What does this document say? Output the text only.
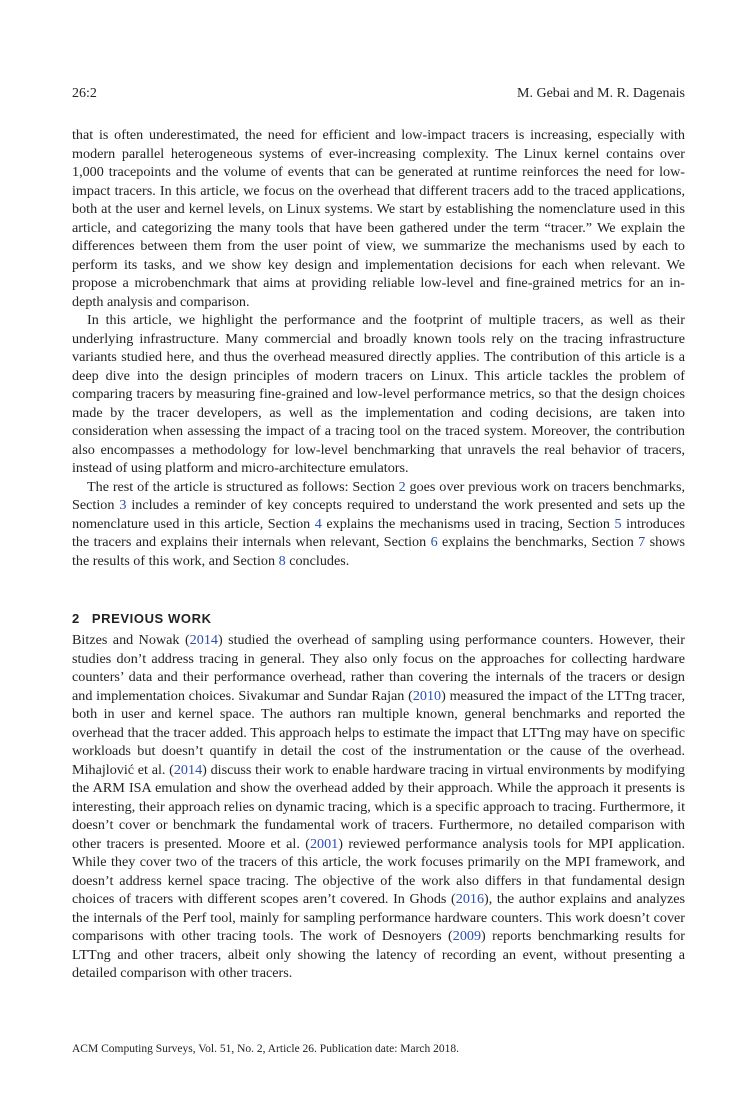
26:2	M. Gebai and M. R. Dagenais

that is often underestimated, the need for efficient and low-impact tracers is increasing, especially with modern parallel heterogeneous systems of ever-increasing complexity. The Linux kernel contains over 1,000 tracepoints and the volume of events that can be generated at runtime reinforces the need for low-impact tracers. In this article, we focus on the overhead that different tracers add to the traced applications, both at the user and kernel levels, on Linux systems. We start by establishing the nomenclature used in this article, and categorizing the many tools that have been gathered under the term “tracer.” We explain the differences between them from the user point of view, we summarize the mechanisms used by each to perform its tasks, and we show key design and implementation decisions for each when relevant. We propose a microbenchmark that aims at providing reliable low-level and fine-grained metrics for an in-depth analysis and comparison.

In this article, we highlight the performance and the footprint of multiple tracers, as well as their underlying infrastructure. Many commercial and broadly known tools rely on the tracing infrastructure variants studied here, and thus the overhead measured directly applies. The contribution of this article is a deep dive into the design principles of modern tracers on Linux. This article tackles the problem of comparing tracers by measuring fine-grained and low-level performance metrics, so that the design choices made by the tracer developers, as well as the implementation and coding decisions, are taken into consideration when assessing the impact of a tracing tool on the traced system. Moreover, the contribution also encompasses a methodology for low-level benchmarking that unravels the real behavior of tracers, instead of using platform and micro-architecture emulators.

The rest of the article is structured as follows: Section 2 goes over previous work on tracers benchmarks, Section 3 includes a reminder of key concepts required to understand the work presented and sets up the nomenclature used in this article, Section 4 explains the mechanisms used in tracing, Section 5 introduces the tracers and explains their internals when relevant, Section 6 explains the benchmarks, Section 7 shows the results of this work, and Section 8 concludes.

2 PREVIOUS WORK

Bitzes and Nowak (2014) studied the overhead of sampling using performance counters. However, their studies don’t address tracing in general. They also only focus on the approaches for collecting hardware counters’ data and their performance overhead, rather than covering the internals of the tracers or design and implementation choices. Sivakumar and Sundar Rajan (2010) measured the impact of the LTTng tracer, both in user and kernel space. The authors ran multiple known, general benchmarks and reported the overhead that the tracer added. This approach helps to estimate the impact that LTTng may have on specific workloads but doesn’t quantify in detail the cost of the instrumentation or the cause of the overhead. Mihajlović et al. (2014) discuss their work to enable hardware tracing in virtual environments by modifying the ARM ISA emulation and show the overhead added by their approach. While the approach it presents is interesting, their approach relies on dynamic tracing, which is a specific approach to tracing. Furthermore, it doesn’t cover or benchmark the fundamental work of tracers. Furthermore, no detailed comparison with other tracers is presented. Moore et al. (2001) reviewed performance analysis tools for MPI application. While they cover two of the tracers of this article, the work focuses primarily on the MPI framework, and doesn’t address kernel space tracing. The objective of the work also differs in that fundamental design choices of tracers with different scopes aren’t covered. In Ghods (2016), the author explains and analyzes the internals of the Perf tool, mainly for sampling performance hardware counters. This work doesn’t cover comparisons with other tracing tools. The work of Desnoyers (2009) reports benchmarking results for LTTng and other tracers, albeit only showing the latency of recording an event, without presenting a detailed comparison with other tracers.

ACM Computing Surveys, Vol. 51, No. 2, Article 26. Publication date: March 2018.
